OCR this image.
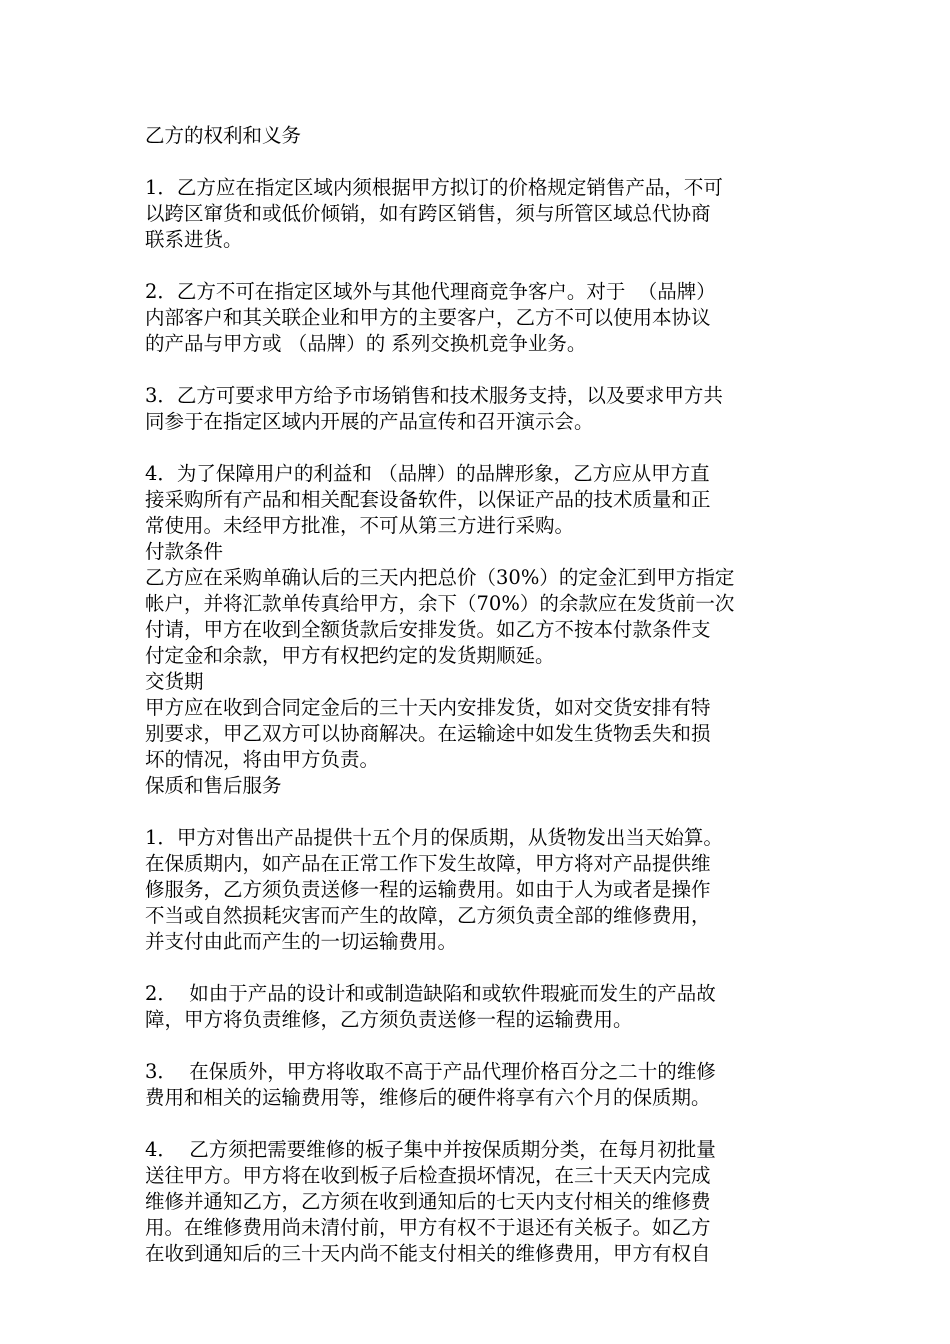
乙方的权利和义务
1．乙方应在指定区域内须根据甲方拟订的价格规定销售产品，不可
以跨区窜货和或低价倾销，如有跨区销售，须与所管区域总代协商
联系进货。
2．乙方不可在指定区域外与其他代理商竞争客户。对于  （品牌）
内部客户和其关联企业和甲方的主要客户，乙方不可以使用本协议
的产品与甲方或 （品牌）的 系列交换机竞争业务。
3．乙方可要求甲方给予市场销售和技术服务支持，以及要求甲方共
同参于在指定区域内开展的产品宣传和召开演示会。
4．为了保障用户的利益和 （品牌）的品牌形象，乙方应从甲方直
接采购所有产品和相关配套设备软件，以保证产品的技术质量和正
常使用。未经甲方批准，不可从第三方进行采购。
付款条件
乙方应在采购单确认后的三天内把总价（30%）的定金汇到甲方指定
帐户，并将汇款单传真给甲方，余下（70%）的余款应在发货前一次
付请，甲方在收到全额货款后安排发货。如乙方不按本付款条件支
付定金和余款，甲方有权把约定的发货期顺延。
交货期
甲方应在收到合同定金后的三十天内安排发货，如对交货安排有特
别要求，甲乙双方可以协商解决。在运输途中如发生货物丢失和损
坏的情况，将由甲方负责。
保质和售后服务
1．甲方对售出产品提供十五个月的保质期，从货物发出当天始算。
在保质期内，如产品在正常工作下发生故障，甲方将对产品提供维
修服务，乙方须负责送修一程的运输费用。如由于人为或者是操作
不当或自然损耗灾害而产生的故障，乙方须负责全部的维修费用，
并支付由此而产生的一切运输费用。
2．  如由于产品的设计和或制造缺陷和或软件瑕疵而发生的产品故
障，甲方将负责维修，乙方须负责送修一程的运输费用。
3．  在保质外，甲方将收取不高于产品代理价格百分之二十的维修
费用和相关的运输费用等，维修后的硬件将享有六个月的保质期。
4．  乙方须把需要维修的板子集中并按保质期分类，在每月初批量
送往甲方。甲方将在收到板子后检查损坏情况，在三十天天内完成
维修并通知乙方，乙方须在收到通知后的七天内支付相关的维修费
用。在维修费用尚未清付前，甲方有权不于退还有关板子。如乙方
在收到通知后的三十天内尚不能支付相关的维修费用，甲方有权自
